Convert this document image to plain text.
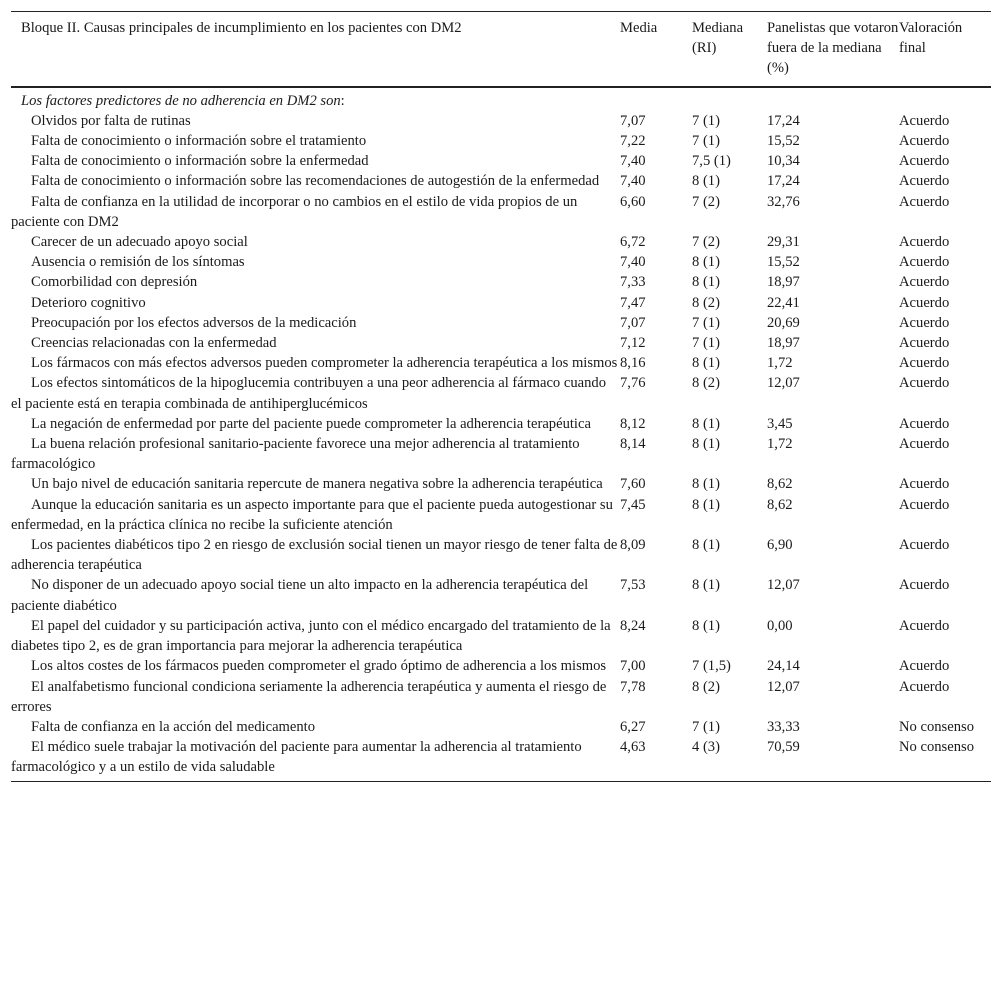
Bloque II. Causas principales de incumplimiento en los pacientes con DM2	Media	Mediana (RI)	Panelistas que votaron fuera de la mediana (%)	Valoración final
Los factores predictores de no adherencia en DM2 son:				
Olvidos por falta de rutinas	7,07	7 (1)	17,24	Acuerdo
Falta de conocimiento o información sobre el tratamiento	7,22	7 (1)	15,52	Acuerdo
Falta de conocimiento o información sobre la enfermedad	7,40	7,5 (1)	10,34	Acuerdo
Falta de conocimiento o información sobre las recomendaciones de autogestión de la enfermedad	7,40	8 (1)	17,24	Acuerdo
Falta de confianza en la utilidad de incorporar o no cambios en el estilo de vida propios de un paciente con DM2	6,60	7 (2)	32,76	Acuerdo
Carecer de un adecuado apoyo social	6,72	7 (2)	29,31	Acuerdo
Ausencia o remisión de los síntomas	7,40	8 (1)	15,52	Acuerdo
Comorbilidad con depresión	7,33	8 (1)	18,97	Acuerdo
Deterioro cognitivo	7,47	8 (2)	22,41	Acuerdo
Preocupación por los efectos adversos de la medicación	7,07	7 (1)	20,69	Acuerdo
Creencias relacionadas con la enfermedad	7,12	7 (1)	18,97	Acuerdo
Los fármacos con más efectos adversos pueden comprometer la adherencia terapéutica a los mismos	8,16	8 (1)	1,72	Acuerdo
Los efectos sintomáticos de la hipoglucemia contribuyen a una peor adherencia al fármaco cuando el paciente está en terapia combinada de antihiperglucémicos	7,76	8 (2)	12,07	Acuerdo
La negación de enfermedad por parte del paciente puede comprometer la adherencia terapéutica	8,12	8 (1)	3,45	Acuerdo
La buena relación profesional sanitario-paciente favorece una mejor adherencia al tratamiento farmacológico	8,14	8 (1)	1,72	Acuerdo
Un bajo nivel de educación sanitaria repercute de manera negativa sobre la adherencia terapéutica	7,60	8 (1)	8,62	Acuerdo
Aunque la educación sanitaria es un aspecto importante para que el paciente pueda autogestionar su enfermedad, en la práctica clínica no recibe la suficiente atención	7,45	8 (1)	8,62	Acuerdo
Los pacientes diabéticos tipo 2 en riesgo de exclusión social tienen un mayor riesgo de tener falta de adherencia terapéutica	8,09	8 (1)	6,90	Acuerdo
No disponer de un adecuado apoyo social tiene un alto impacto en la adherencia terapéutica del paciente diabético	7,53	8 (1)	12,07	Acuerdo
El papel del cuidador y su participación activa, junto con el médico encargado del tratamiento de la diabetes tipo 2, es de gran importancia para mejorar la adherencia terapéutica	8,24	8 (1)	0,00	Acuerdo
Los altos costes de los fármacos pueden comprometer el grado óptimo de adherencia a los mismos	7,00	7 (1,5)	24,14	Acuerdo
El analfabetismo funcional condiciona seriamente la adherencia terapéutica y aumenta el riesgo de errores	7,78	8 (2)	12,07	Acuerdo
Falta de confianza en la acción del medicamento	6,27	7 (1)	33,33	No consenso
El médico suele trabajar la motivación del paciente para aumentar la adherencia al tratamiento farmacológico y a un estilo de vida saludable	4,63	4 (3)	70,59	No consenso
